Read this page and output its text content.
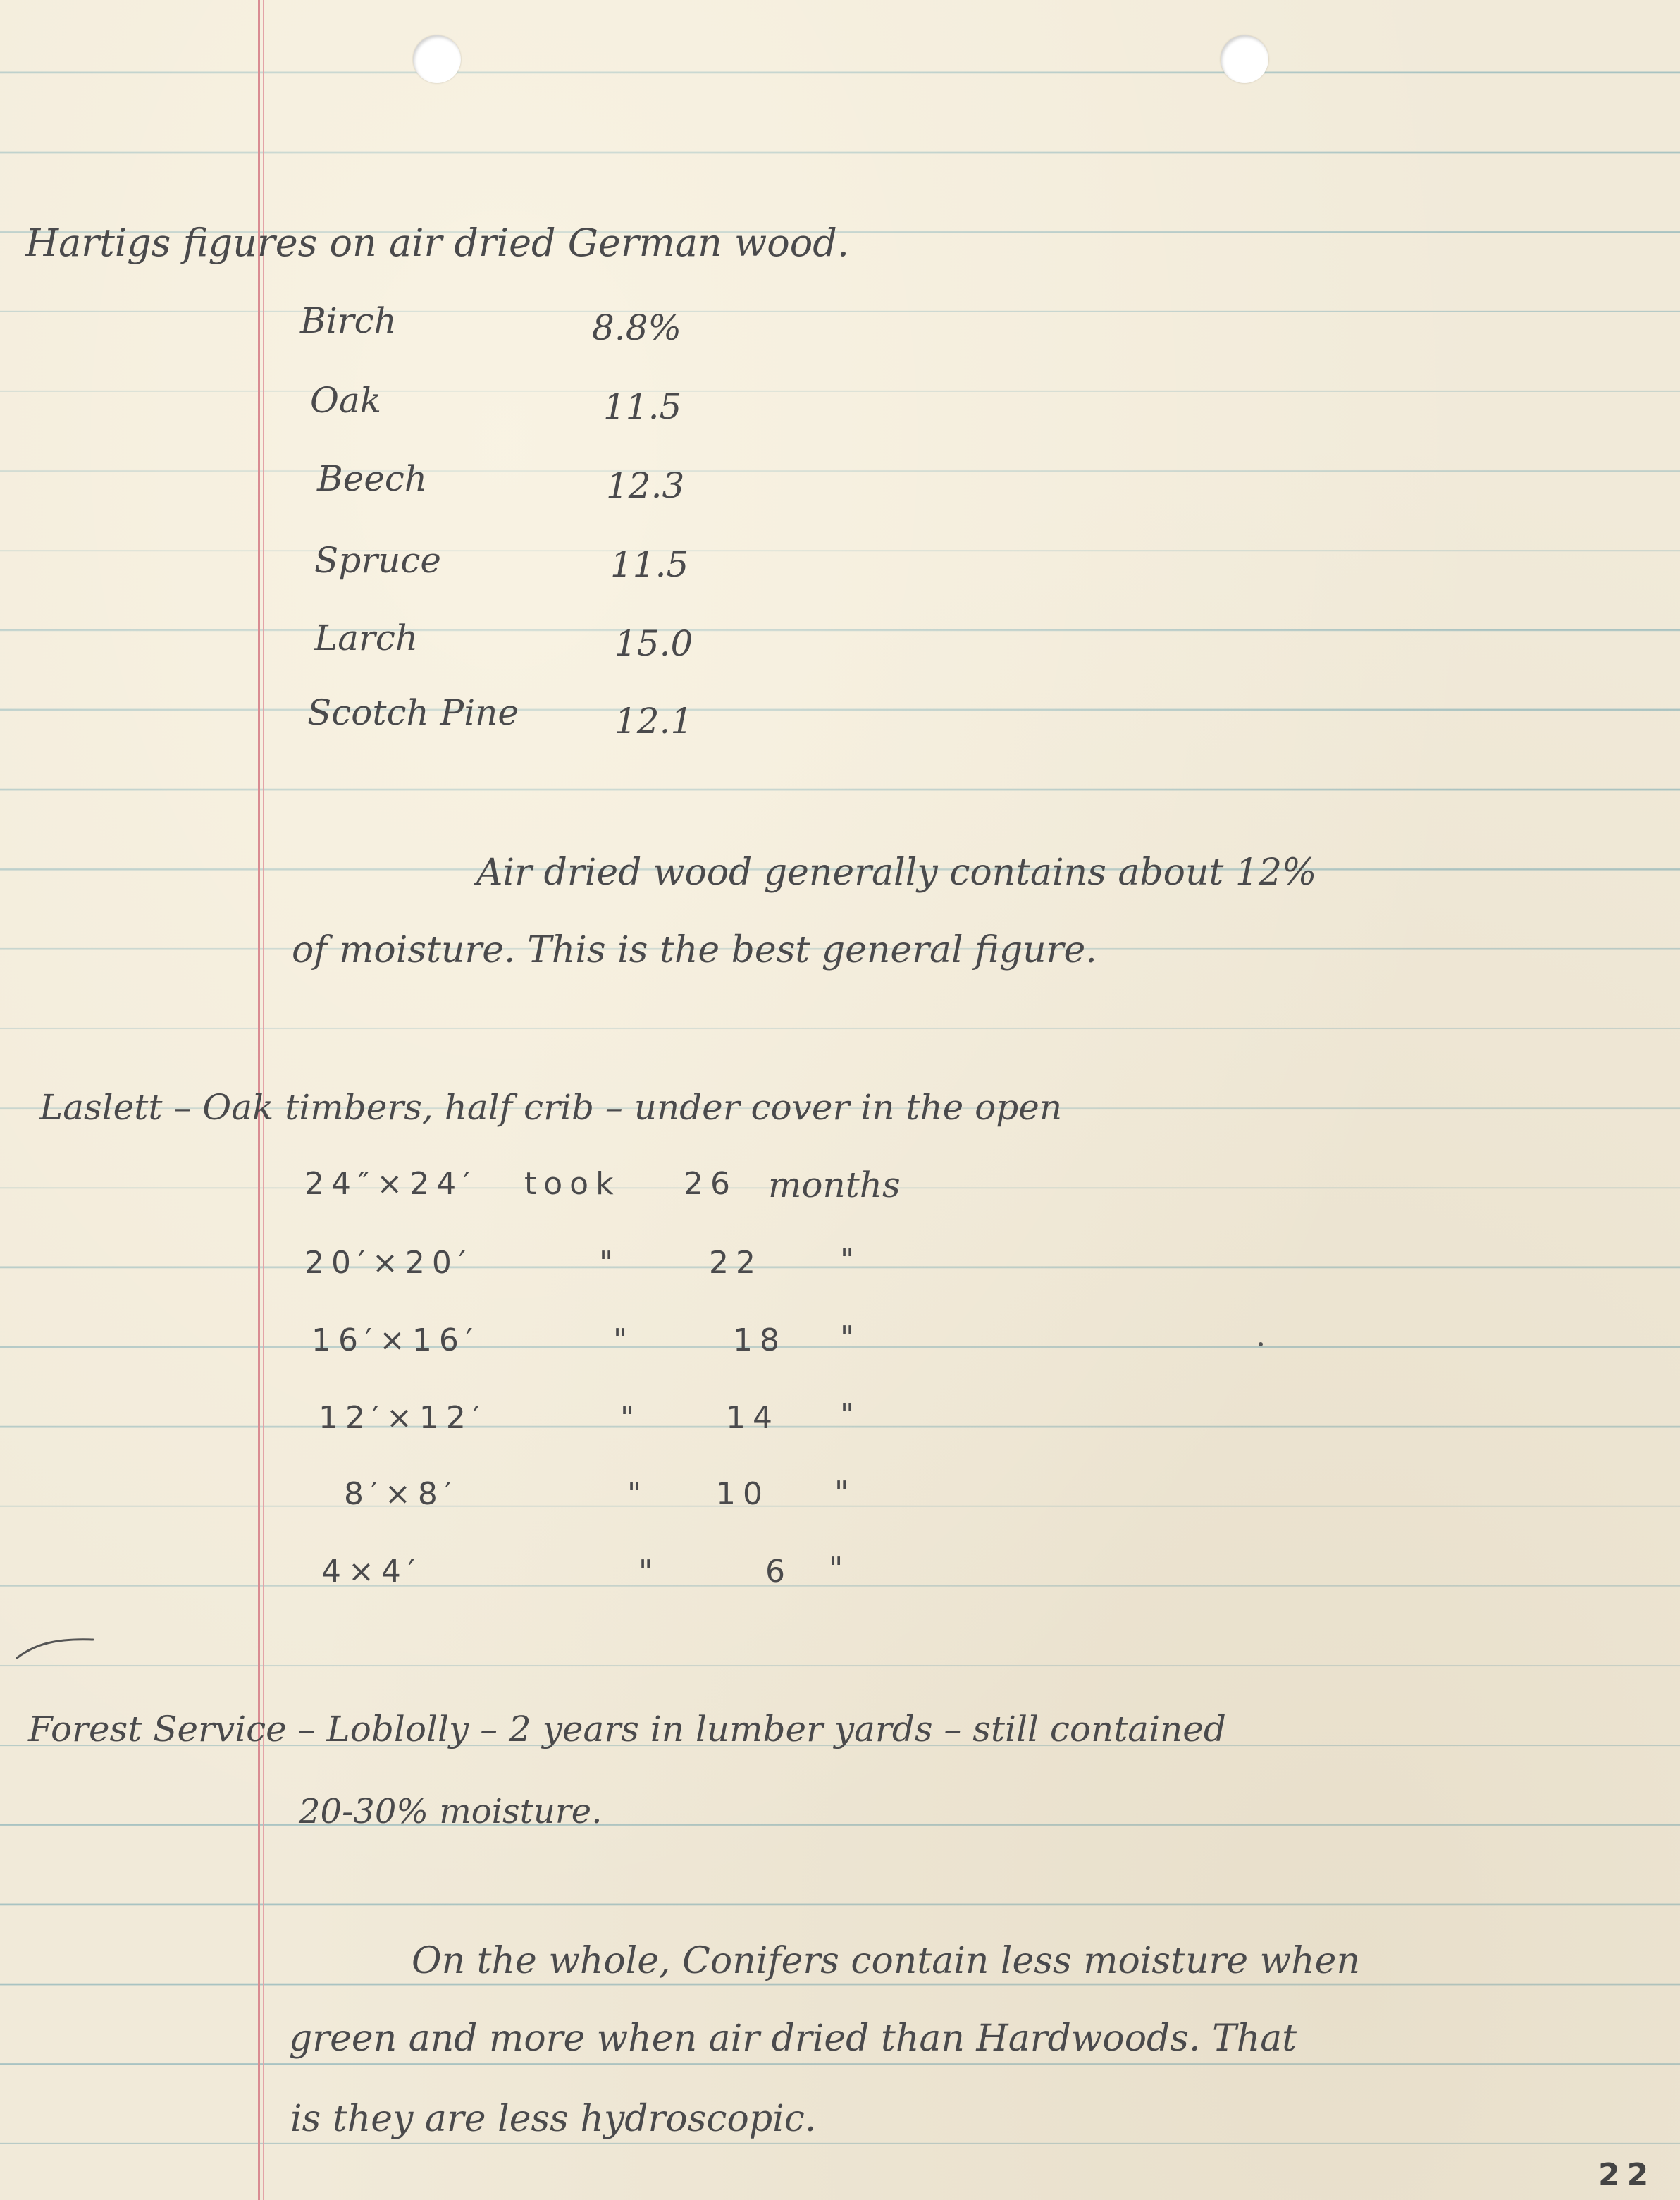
Hartigs figures on air dried German wood.
Birch	8.8%
Oak	11.5
Beech	12.3
Spruce	11.5
Larch	15.0
Scotch Pine	12.1
Air dried wood generally contains about 12%
of moisture. This is the best general figure.
Laslett – Oak timbers, half crib – under cover in the open
24″×24′ took 26 months
20′×20′	"	22	"
16′×16′	"	18 "
12′×12′	"	14 "
8′×8′	" 10 "
4×4′	"	6 "
Forest Service – Loblolly – 2 years in lumber yards – still contained
20-30% moisture.
On the whole, Conifers contain less moisture when
green and more when air dried than Hardwoods. That
is they are less hydroscopic.
22
